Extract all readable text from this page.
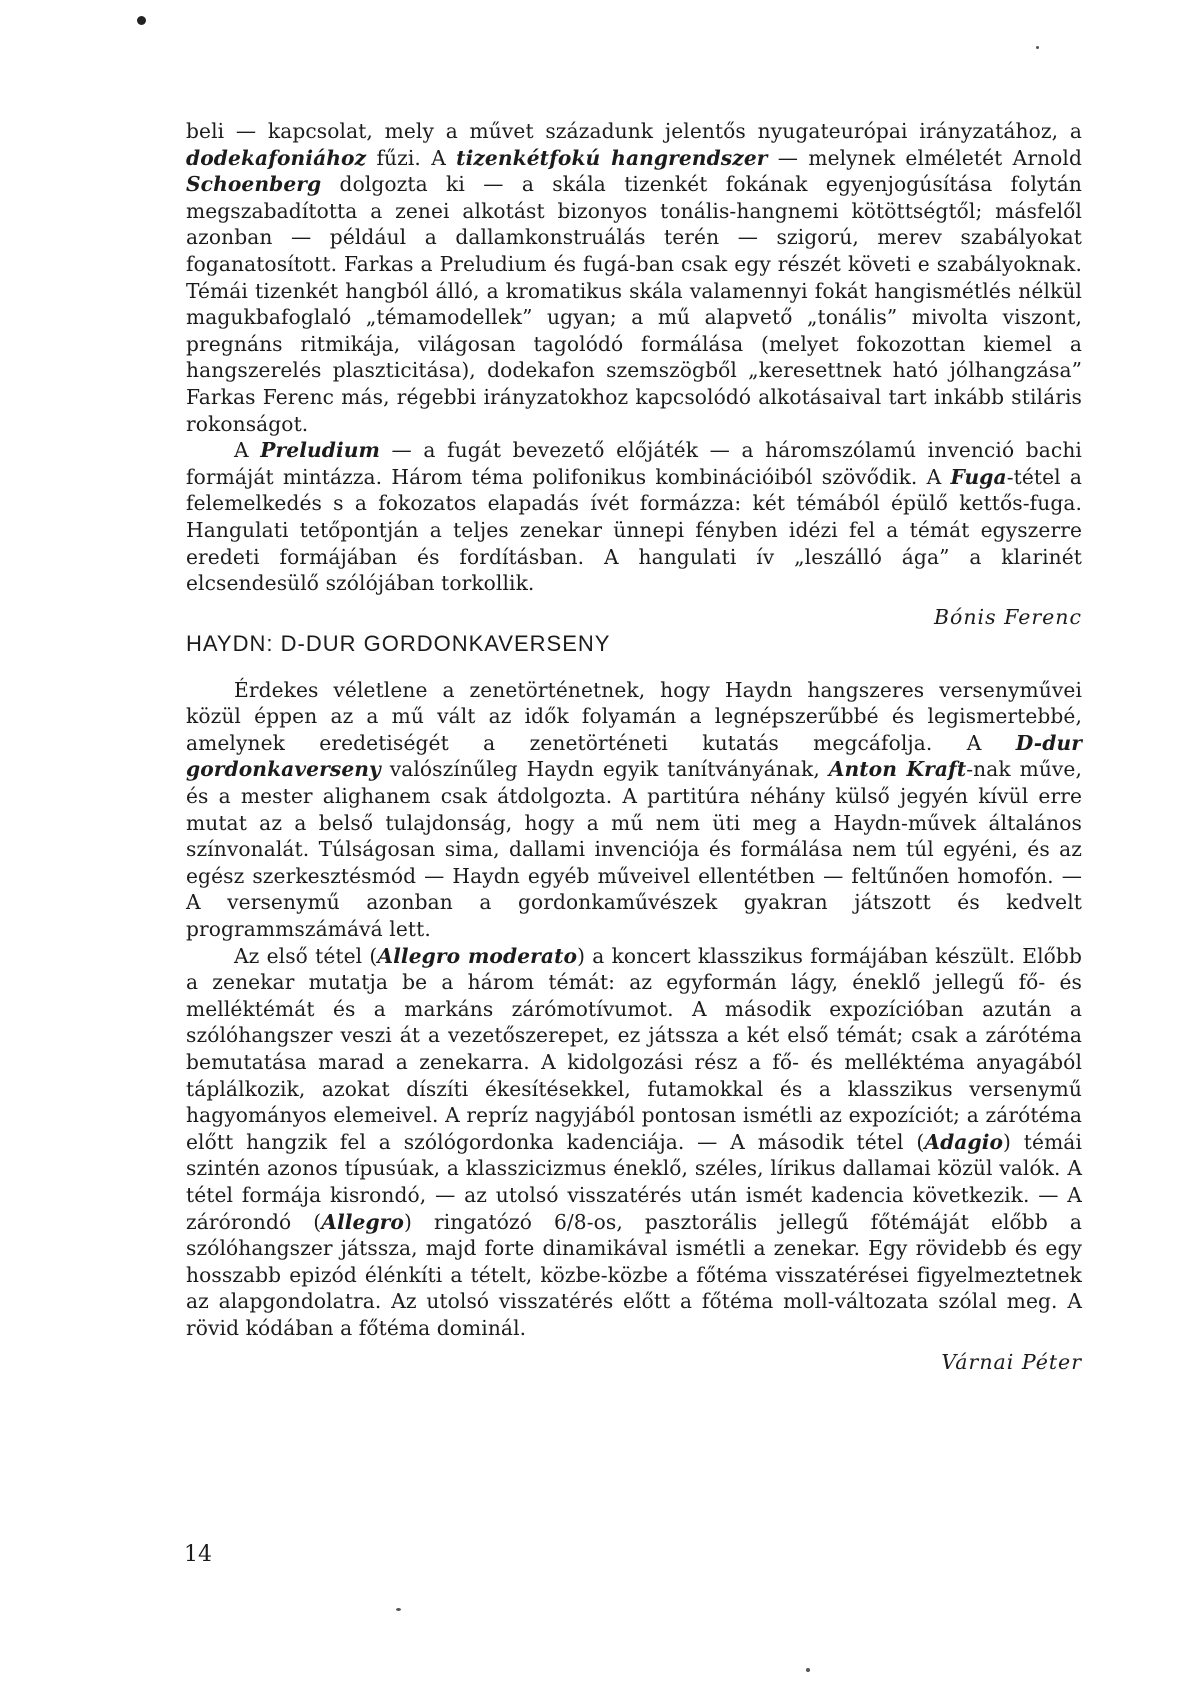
beli — kapcsolat, mely a művet századunk jelentős nyugateurópai irányzatához, a dodekafoniához fűzi. A tizenkétfokú hangrendszer — melynek elméletét Arnold Schoenberg dolgozta ki — a skála tizenkét fokának egyenjogúsítása folytán megszabadította a zenei alkotást bizonyos tonális-hangnemi kötöttségtől; másfelől azonban — például a dallamkonstruálás terén — szigorú, merev szabályokat foganatosított. Farkas a Preludium és fugá-ban csak egy részét követi e szabályoknak. Témái tizenkét hangból álló, a kromatikus skála valamennyi fokát hangismétlés nélkül magukbafoglaló „témamodellek” ugyan; a mű alapvető „tonális” mivolta viszont, pregnáns ritmikája, világosan tagolódó formálása (melyet fokozottan kiemel a hangszerelés plaszticitása), dodekafon szemszögből „keresettnek ható jólhangzása” Farkas Ferenc más, régebbi irányzatokhoz kapcsolódó alkotásaival tart inkább stiláris rokonságot.

A Preludium — a fugát bevezető előjáték — a háromszólamú invenció bachi formáját mintázza. Három téma polifonikus kombinációiból szövődik. A Fuga-tétel a felemelkedés s a fokozatos elapadás ívét formázza: két témából épülő kettős-fuga. Hangulati tetőpontján a teljes zenekar ünnepi fényben idézi fel a témát egyszerre eredeti formájában és fordításban. A hangulati ív „leszálló ága” a klarinét elcsendesülő szólójában torkollik.

Bónis Ferenc

HAYDN: D-DUR GORDONKAVERSENY

Érdekes véletlene a zenetörténetnek, hogy Haydn hangszeres versenyművei közül éppen az a mű vált az idők folyamán a legnépszerűbbé és legismertebbé, amelynek eredetiségét a zenetörténeti kutatás megcáfolja. A D-dur gordonkaverseny valószínűleg Haydn egyik tanítványának, Anton Kraft-nak műve, és a mester alighanem csak átdolgozta. A partitúra néhány külső jegyén kívül erre mutat az a belső tulajdonság, hogy a mű nem üti meg a Haydn-művek általános színvonalát. Túlságosan sima, dallami invenciója és formálása nem túl egyéni, és az egész szerkesztésmód — Haydn egyéb műveivel ellentétben — feltűnően homofón. — A versenymű azonban a gordonkaművészek gyakran játszott és kedvelt programmszámává lett.

Az első tétel (Allegro moderato) a koncert klasszikus formájában készült. Előbb a zenekar mutatja be a három témát: az egyformán lágy, éneklő jellegű fő- és melléktémát és a markáns zárómotívumot. A második expozícióban azután a szólóhangszer veszi át a vezetőszerepet, ez játssza a két első témát; csak a zárótéma bemutatása marad a zenekarra. A kidolgozási rész a fő- és melléktéma anyagából táplálkozik, azokat díszíti ékesítésekkel, futamokkal és a klasszikus versenymű hagyományos elemeivel. A repríz nagyjából pontosan ismétli az expozíciót; a zárótéma előtt hangzik fel a szólógordonka kadenciája. — A második tétel (Adagio) témái szintén azonos típusúak, a klasszicizmus éneklő, széles, lírikus dallamai közül valók. A tétel formája kisrondó, — az utolsó visszatérés után ismét kadencia következik. — A zárórondó (Allegro) ringatózó 6/8-os, pasztorális jellegű főtémáját előbb a szólóhangszer játssza, majd forte dinamikával ismétli a zenekar. Egy rövidebb és egy hosszabb epizód élénkíti a tételt, közbe-közbe a főtéma visszatérései figyelmeztetnek az alapgondolatra. Az utolsó visszatérés előtt a főtéma moll-változata szólal meg. A rövid kódában a főtéma dominál.

Várnai Péter

14
